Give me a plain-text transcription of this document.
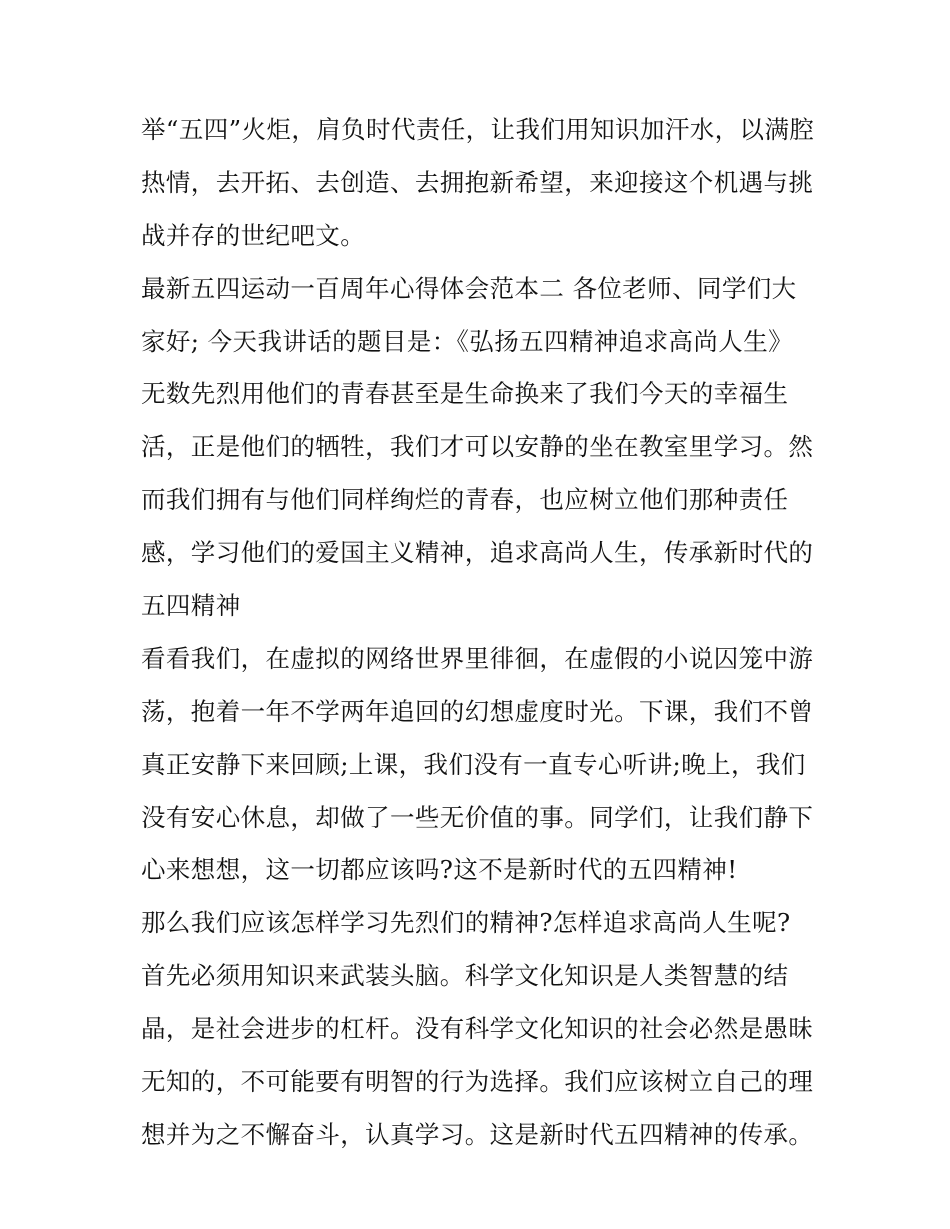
举“五四”火炬，肩负时代责任，让我们用知识加汗水，以满腔
热情，去开拓、去创造、去拥抱新希望，来迎接这个机遇与挑
战并存的世纪吧文。
最新五四运动一百周年心得体会范本二 各位老师、同学们大
家好; 今天我讲话的题目是：《弘扬五四精神追求高尚人生》
无数先烈用他们的青春甚至是生命换来了我们今天的幸福生
活，正是他们的牺牲，我们才可以安静的坐在教室里学习。然
而我们拥有与他们同样绚烂的青春，也应树立他们那种责任
感，学习他们的爱国主义精神，追求高尚人生，传承新时代的
五四精神
看看我们，在虚拟的网络世界里徘徊，在虚假的小说囚笼中游
荡，抱着一年不学两年追回的幻想虚度时光。下课，我们不曾
真正安静下来回顾;上课，我们没有一直专心听讲;晚上，我们
没有安心休息，却做了一些无价值的事。同学们，让我们静下
心来想想，这一切都应该吗?这不是新时代的五四精神!
那么我们应该怎样学习先烈们的精神?怎样追求高尚人生呢?
首先必须用知识来武装头脑。科学文化知识是人类智慧的结
晶，是社会进步的杠杆。没有科学文化知识的社会必然是愚昧
无知的，不可能要有明智的行为选择。我们应该树立自己的理
想并为之不懈奋斗，认真学习。这是新时代五四精神的传承。
